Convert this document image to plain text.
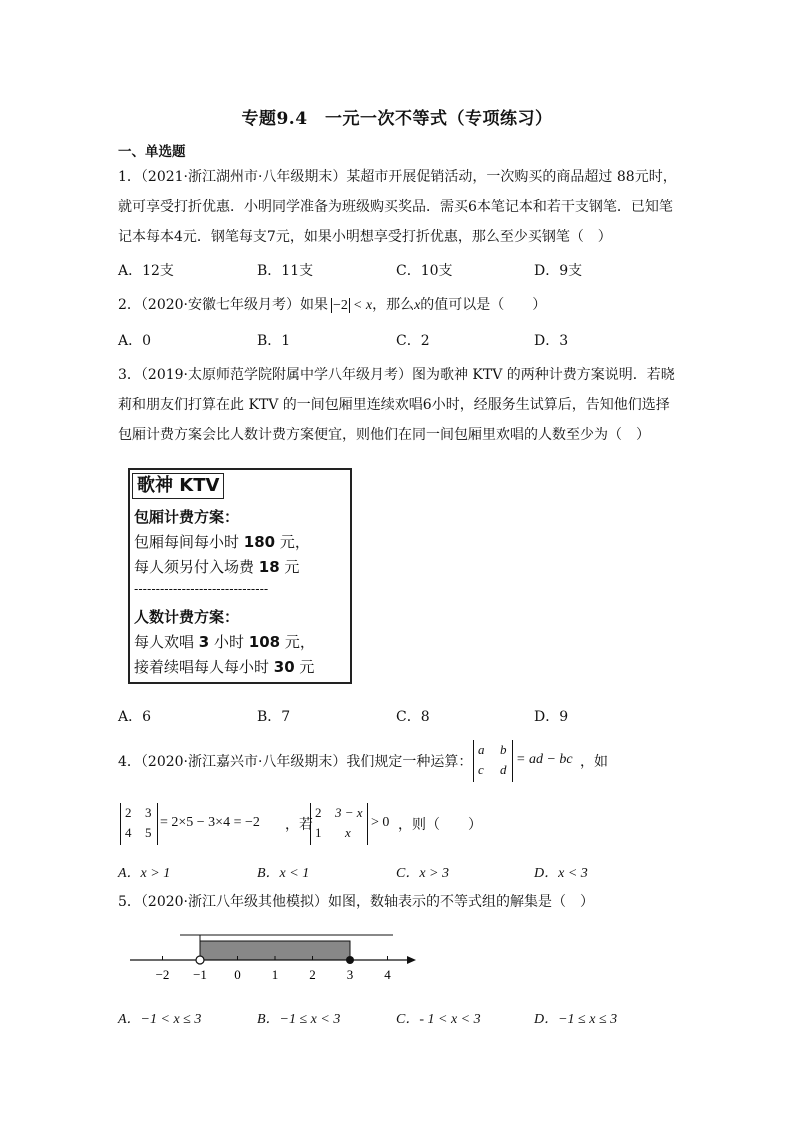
专题9.4　一元一次不等式（专项练习）
一、单选题
1．（2021·浙江湖州市·八年级期末）某超市开展促销活动，一次购买的商品超过 88元时，
就可享受打折优惠．小明同学准备为班级购买奖品．需买6本笔记本和若干支钢笔．已知笔
记本每本4元．钢笔每支7元，如果小明想享受打折优惠，那么至少买钢笔（　）
A．12支	B．11支	C．10支	D．9支
2．（2020·安徽七年级月考）如果 −2 < x，那么x的值可以是（　　）
A．0	B．1	C．2	D．3
3．（2019·太原师范学院附属中学八年级月考）图为歌神 KTV 的两种计费方案说明．若晓
莉和朋友们打算在此 KTV 的一间包厢里连续欢唱6小时，经服务生试算后，告知他们选择
包厢计费方案会比人数计费方案便宜，则他们在同一间包厢里欢唱的人数至少为（　）
歌神 KTV
包厢计费方案：
包厢每间每小时 180 元，
每人须另付入场费 18 元
-------------------------------
人数计费方案：
每人欢唱 3 小时 108 元，
接着续唱每人每小时 30 元
A．6	B．7	C．8	D．9
4．（2020·浙江嘉兴市·八年级期末）我们规定一种运算：
a b
c d
= ad − bc ，如
2 3
4 5
= 2×5 − 3×4 = −2 ，若
2 3 − x
1 x
> 0 ，则（　　）
A．x > 1	B．x < 1	C．x > 3	D．x < 3
5．（2020·浙江八年级其他模拟）如图，数轴表示的不等式组的解集是（　）
−2 −1 0 1 2 3 4
A．−1 < x ≤ 3	B．−1 ≤ x < 3	C．- 1 < x < 3	D．−1 ≤ x ≤ 3
